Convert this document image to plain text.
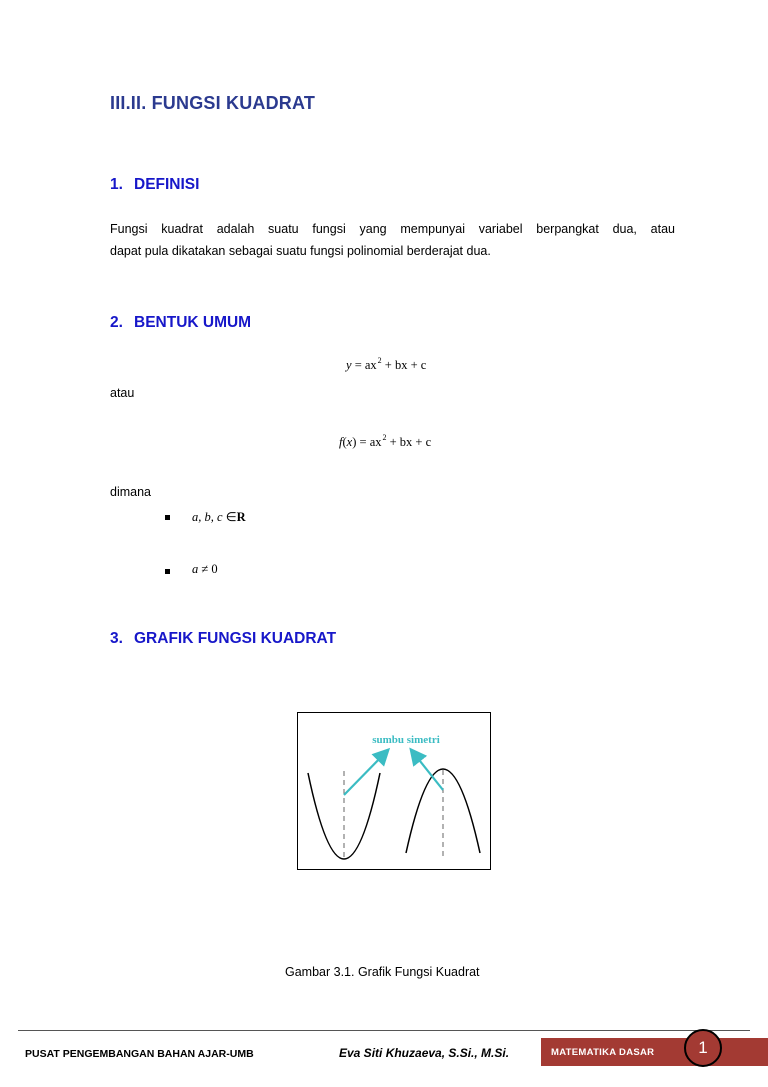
III.II. FUNGSI KUADRAT
1. DEFINISI
Fungsi kuadrat adalah suatu fungsi yang mempunyai variabel berpangkat dua, atau
dapat pula dikatakan sebagai suatu fungsi polinomial berderajat dua.
2. BENTUK UMUM
$y = ax^2$ + bx + c
atau
$f(x) = ax^2$ + bx + c
dimana
a, b, c ∈R
a ≠ 0
3. GRAFIK FUNGSI KUADRAT
sumbu simetri
Gambar 3.1. Grafik Fungsi Kuadrat
PUSAT PENGEMBANGAN BAHAN AJAR-UMB	Eva Siti Khuzaeva, S.Si., M.Si.	MATEMATIKA DASAR	1
